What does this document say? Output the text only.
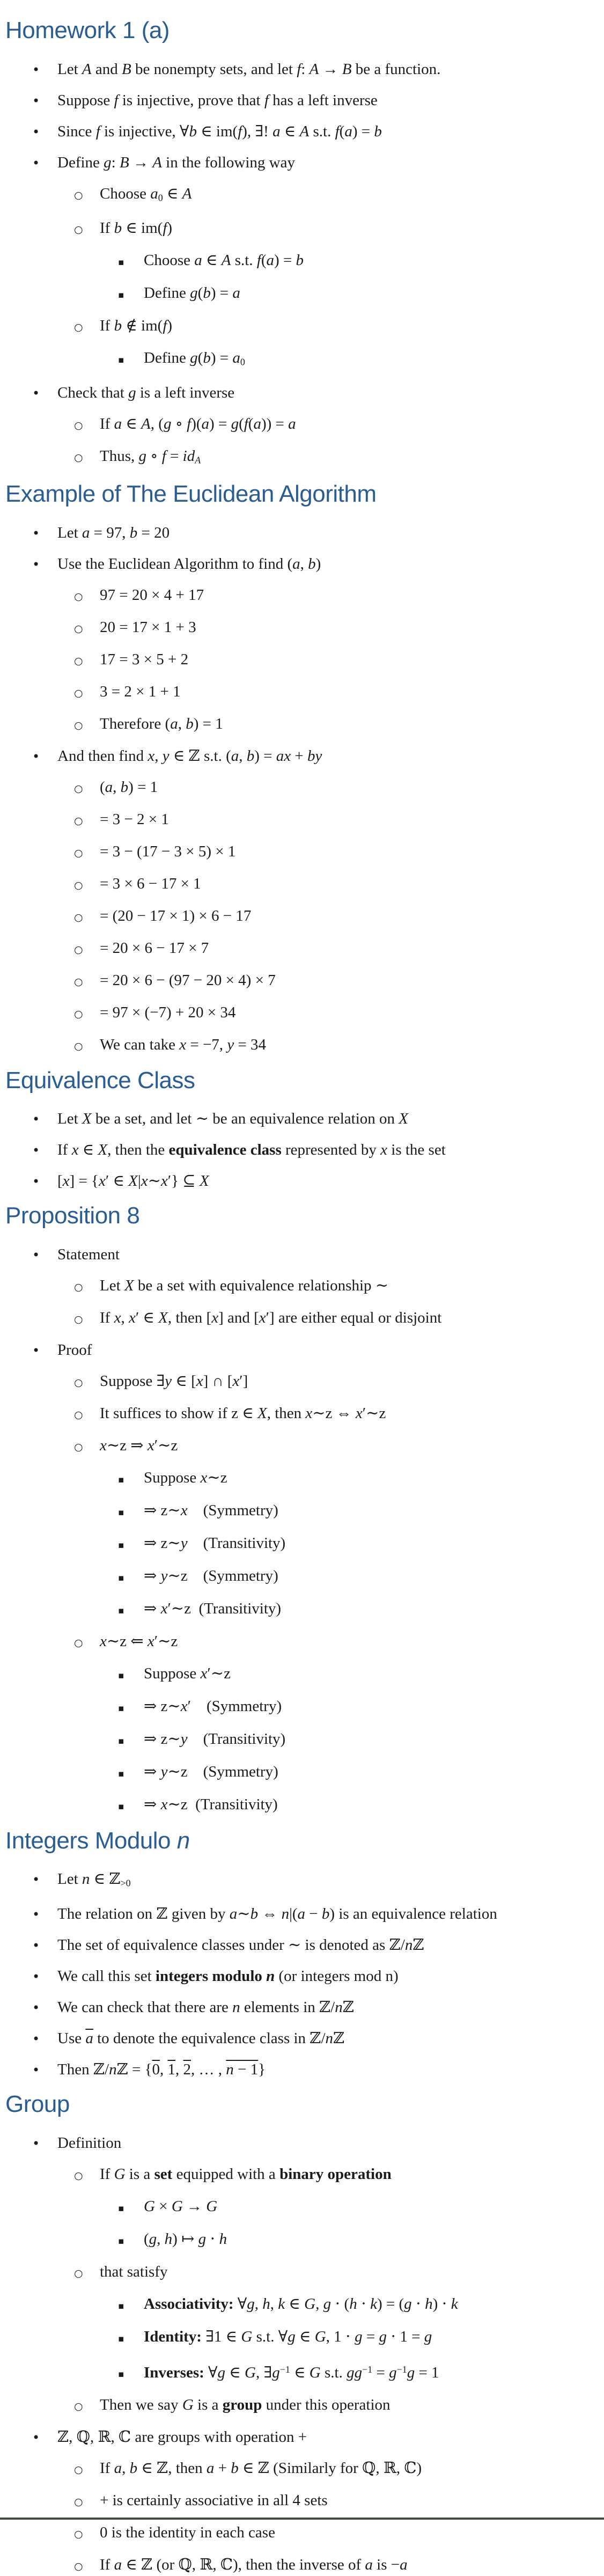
Homework 1 (a)
•	Let A and B be nonempty sets, and let f: A → B be a function.
•	Suppose f is injective, prove that f has a left inverse
•	Since f is injective, ∀b ∈ im(f), ∃! a ∈ A s.t. f(a) = b
•	Define g: B → A in the following way
○	Choose $a_0$ ∈ A
○	If b ∈ im(f)
▪	Choose a ∈ A s.t. f(a) = b
▪	Define g(b) = a
○	If b ∉ im(f)
▪	Define $g(b) = a_0$
•	Check that g is a left inverse
○	If a ∈ A, (g ∘ f)(a) = g(f(a)) = a
○	Thus, g ∘ $f = id_A$
Example of The Euclidean Algorithm
•	Let a = 97, b = 20
•	Use the Euclidean Algorithm to find (a, b)
○	97 = 20 × 4 + 17
○	20 = 17 × 1 + 3
○	17 = 3 × 5 + 2
○	3 = 2 × 1 + 1
○	Therefore (a, b) = 1
•	And then find x, y ∈ ℤ s.t. (a, b) = ax + by
○	(a, b) = 1
○	= 3 − 2 × 1
○	= 3 − (17 − 3 × 5) × 1
○	= 3 × 6 − 17 × 1
○	= (20 − 17 × 1) × 6 − 17
○	= 20 × 6 − 17 × 7
○	= 20 × 6 − (97 − 20 × 4) × 7
○	= 97 × (−7) + 20 × 34
○	We can take x = −7, y = 34
Equivalence Class
•	Let X be a set, and let ∼ be an equivalence relation on X
•	If x ∈ X, then the equivalence class represented by x is the set
•	[x] = {x′ ∈ X|x∼x′} ⊆ X
Proposition 8
•	Statement
○	Let X be a set with equivalence relationship ∼
○	If x, x′ ∈ X, then [x] and [x′] are either equal or disjoint
•	Proof
○	Suppose ∃y ∈ [x] ∩ [x′]
○	It suffices to show if z ∈ X, then x∼z ⇔ x′∼z
○	x∼z ⇒ x′∼z
▪	Suppose x∼z
▪	⇒ z∼x (Symmetry)
▪	⇒ z∼y (Transitivity)
▪	⇒ y∼z (Symmetry)
▪	⇒ x′∼z (Transitivity)
○	x∼z ⇐ x′∼z
▪	Suppose x′∼z
▪	⇒ z∼x′ (Symmetry)
▪	⇒ z∼y (Transitivity)
▪	⇒ y∼z (Symmetry)
▪	⇒ x∼z (Transitivity)
Integers Modulo n
•	Let n ∈ ℤ$_{>0}$
•	The relation on ℤ given by a∼b ⇔ n|(a − b) is an equivalence relation
•	The set of equivalence classes under ∼ is denoted as ℤ/nℤ
•	We call this set integers modulo n (or integers mod n)
•	We can check that there are n elements in ℤ/nℤ
•	Use $\overline{a}$ to denote the equivalence class in ℤ/nℤ
•	Then ℤ/nℤ = {0, 1, 2, … , $\overline{n} - 1$}
Group
•	Definition
○	If G is a set equipped with a binary operation
▪	G × G → G
▪	(g, h) ↦ g ⋅ h
○	that satisfy
▪	Associativity: ∀g, h, k ∈ G, g ⋅ (h ⋅ k) = (g ⋅ h) ⋅ k
▪	Identity: ∃1 ∈ G s.t. ∀g ∈ G, 1 ⋅ g = g ⋅ 1 = g
▪	Inverses: ∀g ∈ G, $\exists g^{-1}$ ∈ G s.t. $gg^{-1} = g^{-1}g = 1$
○	Then we say G is a group under this operation
•	ℤ, ℚ, ℝ, ℂ are groups with operation +
○	If a, b ∈ ℤ, then a + b ∈ ℤ (Similarly for ℚ, ℝ, ℂ)
○	+ is certainly associative in all 4 sets
○	0 is the identity in each case
○	If a ∈ ℤ (or ℚ, ℝ, ℂ), then the inverse of a is −a
